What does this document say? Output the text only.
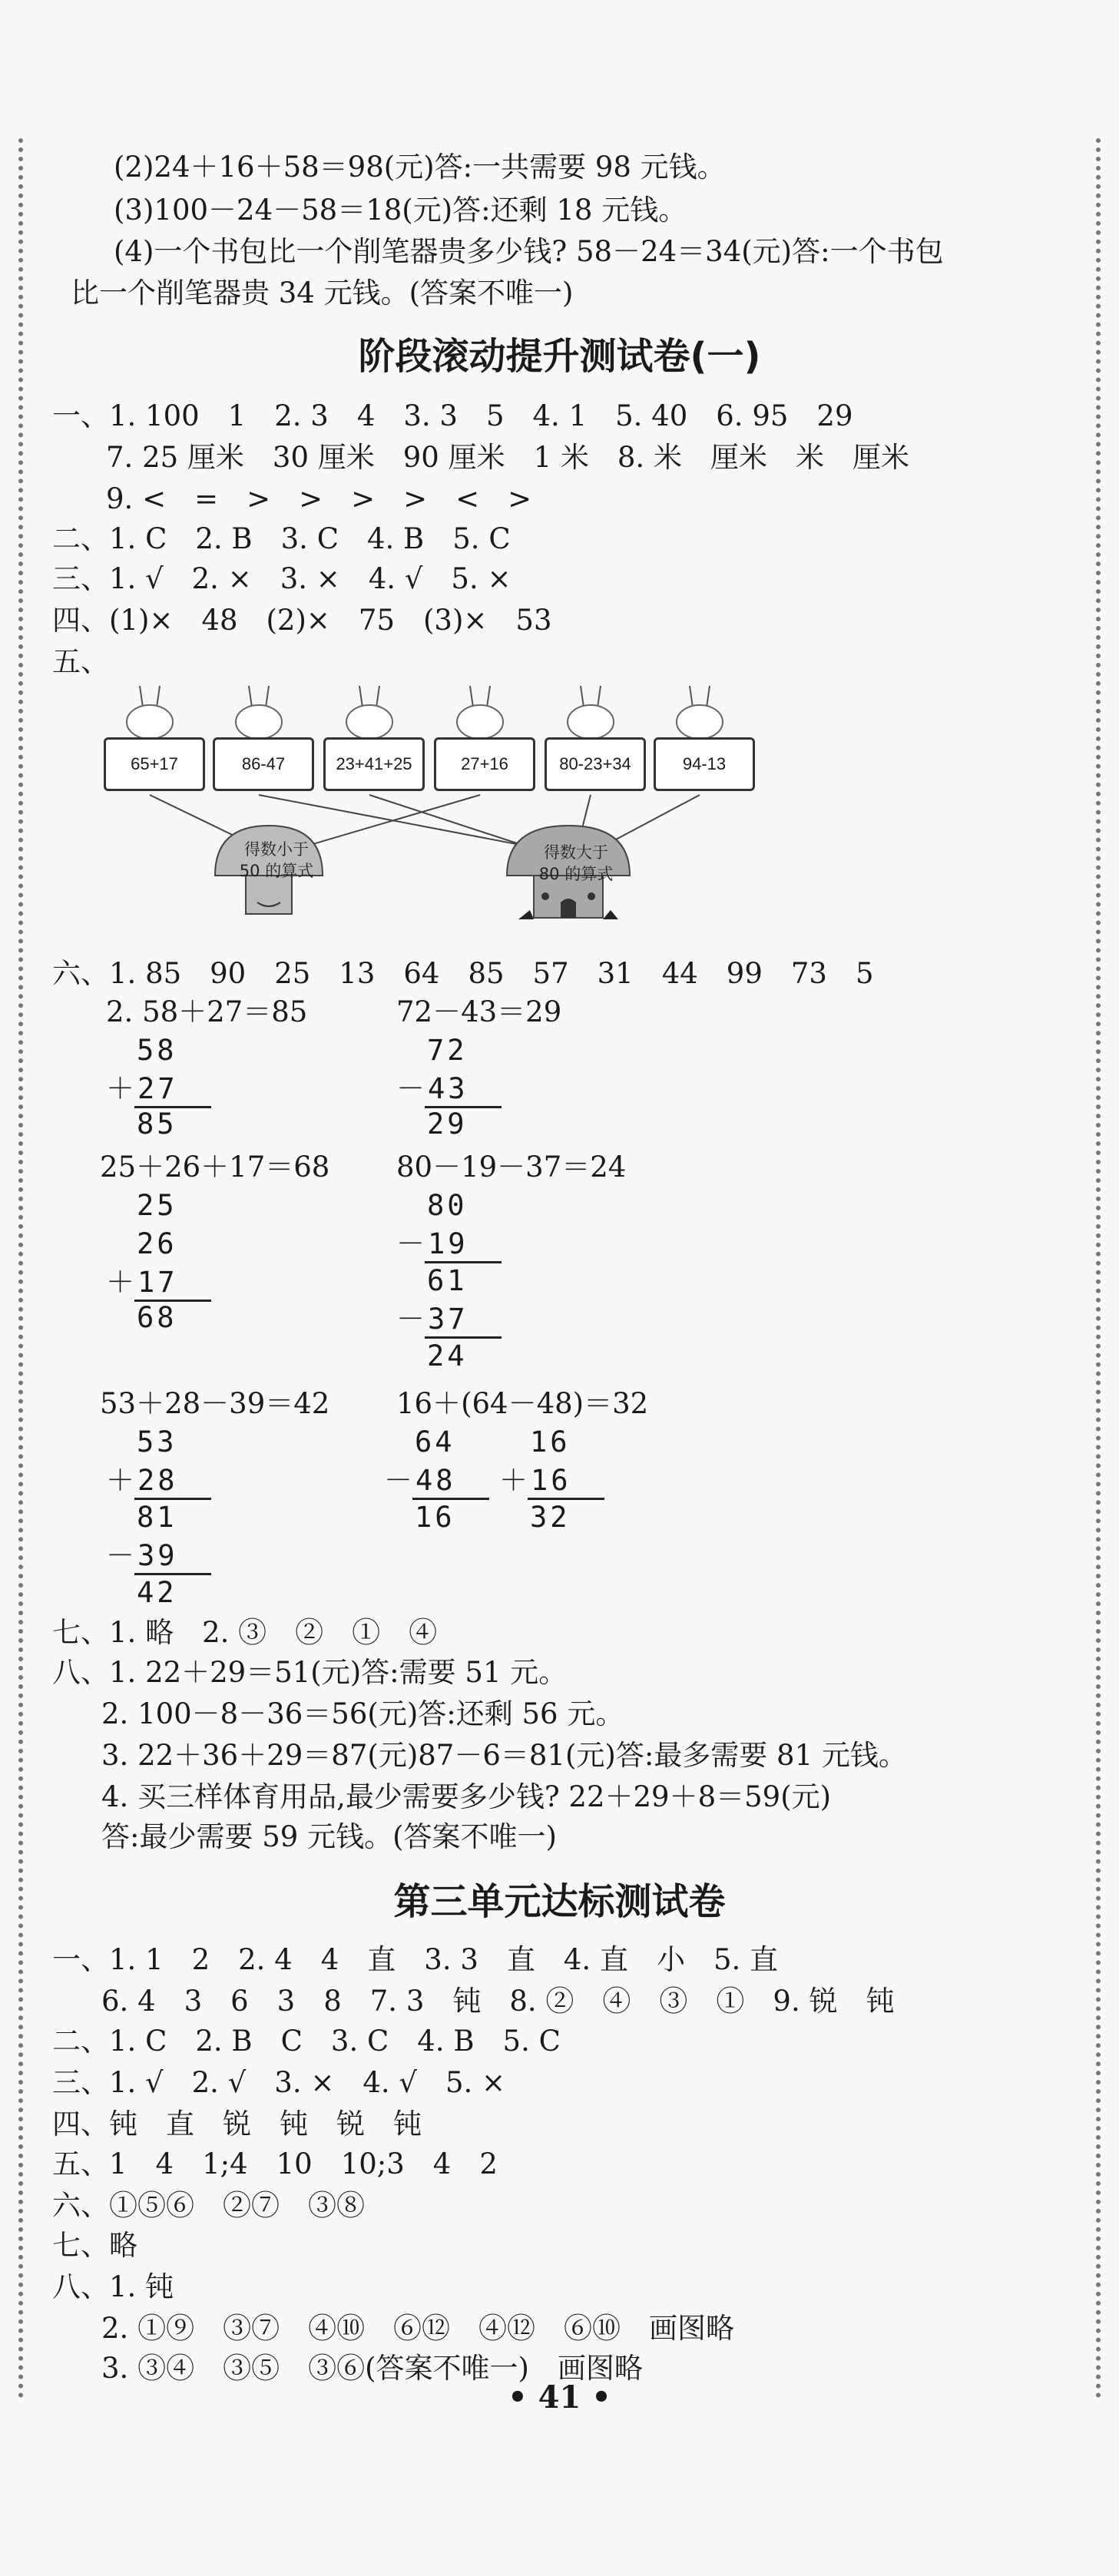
(2)24＋16＋58＝98(元)答:一共需要 98 元钱。
(3)100－24－58＝18(元)答:还剩 18 元钱。
(4)一个书包比一个削笔器贵多少钱? 58－24＝34(元)答:一个书包
比一个削笔器贵 34 元钱。(答案不唯一)
阶段滚动提升测试卷(一)
一、1. 100　1　2. 3　4　3. 3　5　4. 1　5. 40　6. 95　29
7. 25 厘米　30 厘米　90 厘米　1 米　8. 米　厘米　米　厘米
9. <　=　>　>　>　>　<　>
二、1. C　2. B　3. C　4. B　5. C
三、1. √　2. ×　3. ×　4. √　5. ×
四、(1)×　48　(2)×　75　(3)×　53
五、
65+17	86-47	23+41+25	27+16	80-23+34	94-13
得数小于
50 的算式
得数大于
80 的算式
六、1. 85　90　25　13　64　85　57　31　44　99　73　5
2. 58＋27＝85	72－43＝29
58
＋27
85
72
－43
29
25＋26＋17＝68 80－19－37＝24
25
26
＋17
68
80
－19
61
－37
24
53＋28－39＝42 16＋(64－48)＝32
53
＋28
81
－39
42
64
－48
16
16
＋16
32
七、1. 略　2. ③　②　①　④
八、1. 22＋29＝51(元)答:需要 51 元。
2. 100－8－36＝56(元)答:还剩 56 元。
3. 22＋36＋29＝87(元)87－6＝81(元)答:最多需要 81 元钱。
4. 买三样体育用品,最少需要多少钱? 22＋29＋8＝59(元)
答:最少需要 59 元钱。(答案不唯一)
第三单元达标测试卷
一、1. 1　2　2. 4　4　直　3. 3　直　4. 直　小　5. 直
6. 4　3　6　3　8　7. 3　钝　8. ②　④　③　①　9. 锐　钝
二、1. C　2. B　C　3. C　4. B　5. C
三、1. √　2. √　3. ×　4. √　5. ×
四、钝　直　锐　钝　锐　钝
五、1　4　1;4　10　10;3　4　2
六、①⑤⑥　②⑦　③⑧
七、略
八、1. 钝
2. ①⑨　③⑦　④⑩　⑥⑫　④⑫　⑥⑩　画图略
3. ③④　③⑤　③⑥(答案不唯一)　画图略
• 41 •
